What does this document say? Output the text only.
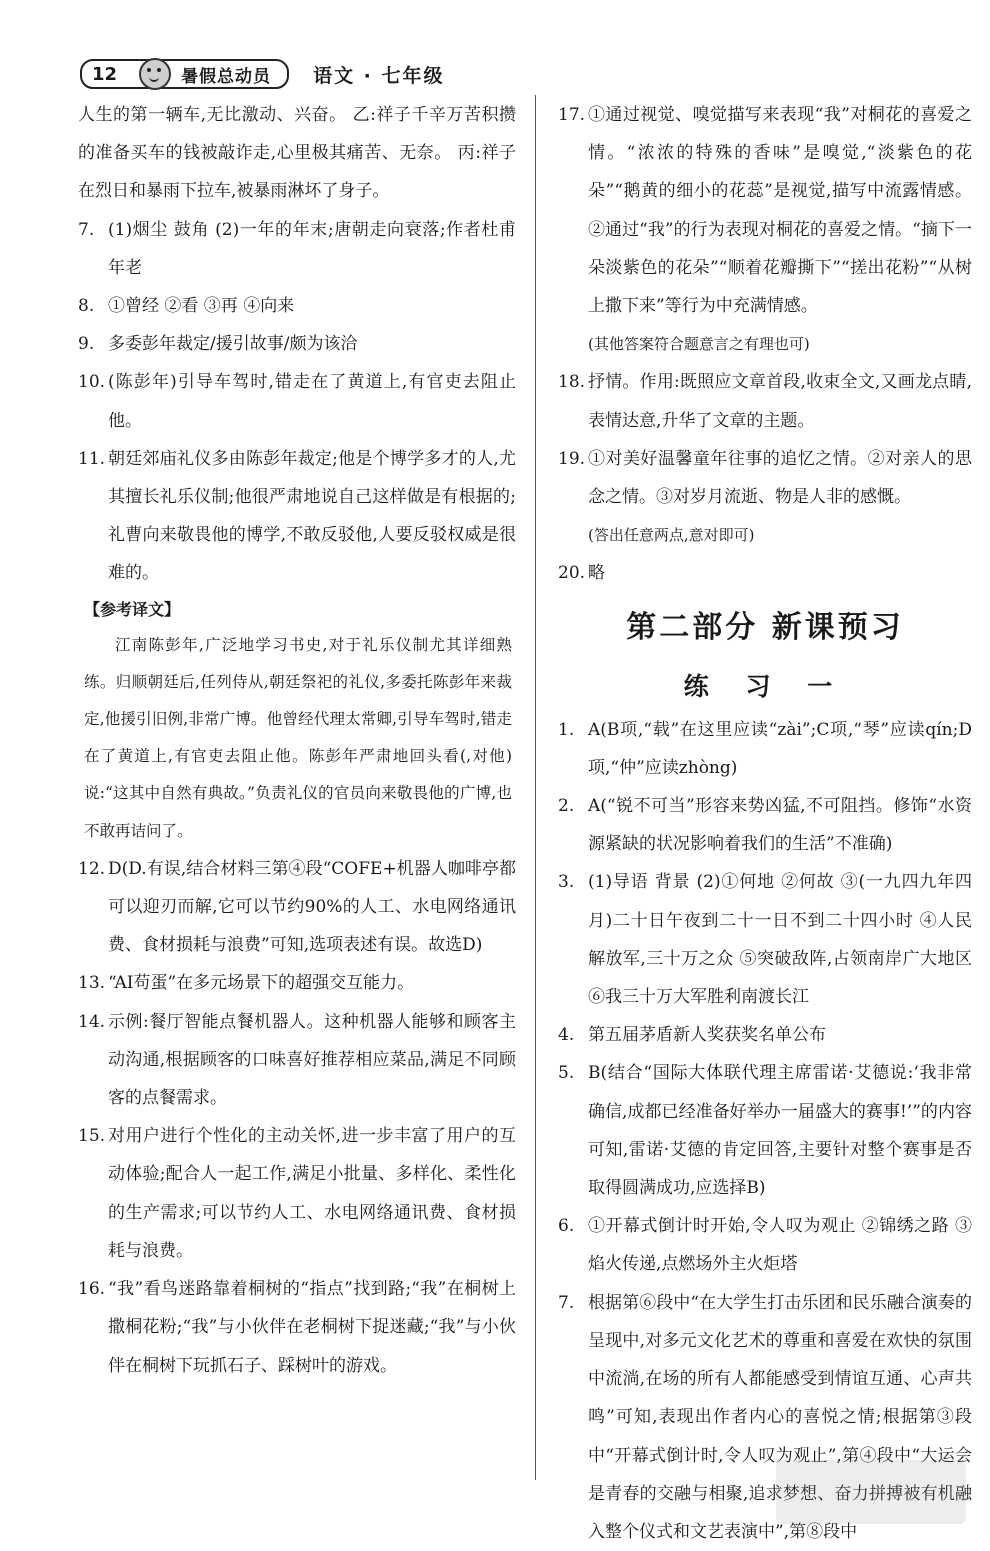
12	暑假总动员 语文 · 七年级
人生的第一辆车,无比激动、兴奋。 乙:祥子千辛万苦积攒的准备买车的钱被敲诈走,心里极其痛苦、无奈。 丙:祥子在烈日和暴雨下拉车,被暴雨淋坏了身子。
7. (1)烟尘 鼓角 (2)一年的年末;唐朝走向衰落;作者杜甫年老
8. ①曾经 ②看 ③再 ④向来
9. 多委彭年裁定/援引故事/颇为该洽
10. (陈彭年)引导车驾时,错走在了黄道上,有官吏去阻止他。
11. 朝廷郊庙礼仪多由陈彭年裁定;他是个博学多才的人,尤其擅长礼乐仪制;他很严肃地说自己这样做是有根据的;礼曹向来敬畏他的博学,不敢反驳他,人要反驳权威是很难的。
【参考译文】
江南陈彭年,广泛地学习书史,对于礼乐仪制尤其详细熟练。归顺朝廷后,任列侍从,朝廷祭祀的礼仪,多委托陈彭年来裁定,他援引旧例,非常广博。他曾经代理太常卿,引导车驾时,错走在了黄道上,有官吏去阻止他。陈彭年严肃地回头看(,对他)说:“这其中自然有典故。”负责礼仪的官员向来敬畏他的广博,也不敢再诘问了。
12. D(D.有误,结合材料三第④段“COFE+机器人咖啡亭都可以迎刃而解,它可以节约90%的人工、水电网络通讯费、食材损耗与浪费”可知,选项表述有误。故选D)
13. “AI苟蛋”在多元场景下的超强交互能力。
14. 示例:餐厅智能点餐机器人。这种机器人能够和顾客主动沟通,根据顾客的口味喜好推荐相应菜品,满足不同顾客的点餐需求。
15. 对用户进行个性化的主动关怀,进一步丰富了用户的互动体验;配合人一起工作,满足小批量、多样化、柔性化的生产需求;可以节约人工、水电网络通讯费、食材损耗与浪费。
16. “我”看鸟迷路靠着桐树的“指点”找到路;“我”在桐树上撒桐花粉;“我”与小伙伴在老桐树下捉迷藏;“我”与小伙伴在桐树下玩抓石子、踩树叶的游戏。
17. ①通过视觉、嗅觉描写来表现“我”对桐花的喜爱之情。“浓浓的特殊的香味”是嗅觉,“淡紫色的花朵”“鹅黄的细小的花蕊”是视觉,描写中流露情感。②通过“我”的行为表现对桐花的喜爱之情。“摘下一朵淡紫色的花朵”“顺着花瓣撕下”“搓出花粉”“从树上撒下来”等行为中充满情感。
(其他答案符合题意言之有理也可)
18. 抒情。作用:既照应文章首段,收束全文,又画龙点睛,表情达意,升华了文章的主题。
19. ①对美好温馨童年往事的追忆之情。②对亲人的思念之情。③对岁月流逝、物是人非的感慨。
(答出任意两点,意对即可)
20. 略
第二部分 新课预习
练 习 一
1. A(B项,“载”在这里应读“zài”;C项,“琴”应读qín;D项,“仲”应读zhòng)
2. A(“锐不可当”形容来势凶猛,不可阻挡。修饰“水资源紧缺的状况影响着我们的生活”不准确)
3. (1)导语 背景 (2)①何地 ②何故 ③(一九四九年四月)二十日午夜到二十一日不到二十四小时 ④人民解放军,三十万之众 ⑤突破敌阵,占领南岸广大地区 ⑥我三十万大军胜利南渡长江
4. 第五届茅盾新人奖获奖名单公布
5. B(结合“国际大体联代理主席雷诺·艾德说:‘我非常确信,成都已经准备好举办一届盛大的赛事!’”的内容可知,雷诺·艾德的肯定回答,主要针对整个赛事是否取得圆满成功,应选择B)
6. ①开幕式倒计时开始,令人叹为观止 ②锦绣之路 ③焰火传递,点燃场外主火炬塔
7. 根据第⑥段中“在大学生打击乐团和民乐融合演奏的呈现中,对多元文化艺术的尊重和喜爱在欢快的氛围中流淌,在场的所有人都能感受到情谊互通、心声共鸣”可知,表现出作者内心的喜悦之情;根据第③段中“开幕式倒计时,令人叹为观止”,第④段中“大运会是青春的交融与相聚,追求梦想、奋力拼搏被有机融入整个仪式和文艺表演中”,第⑧段中
